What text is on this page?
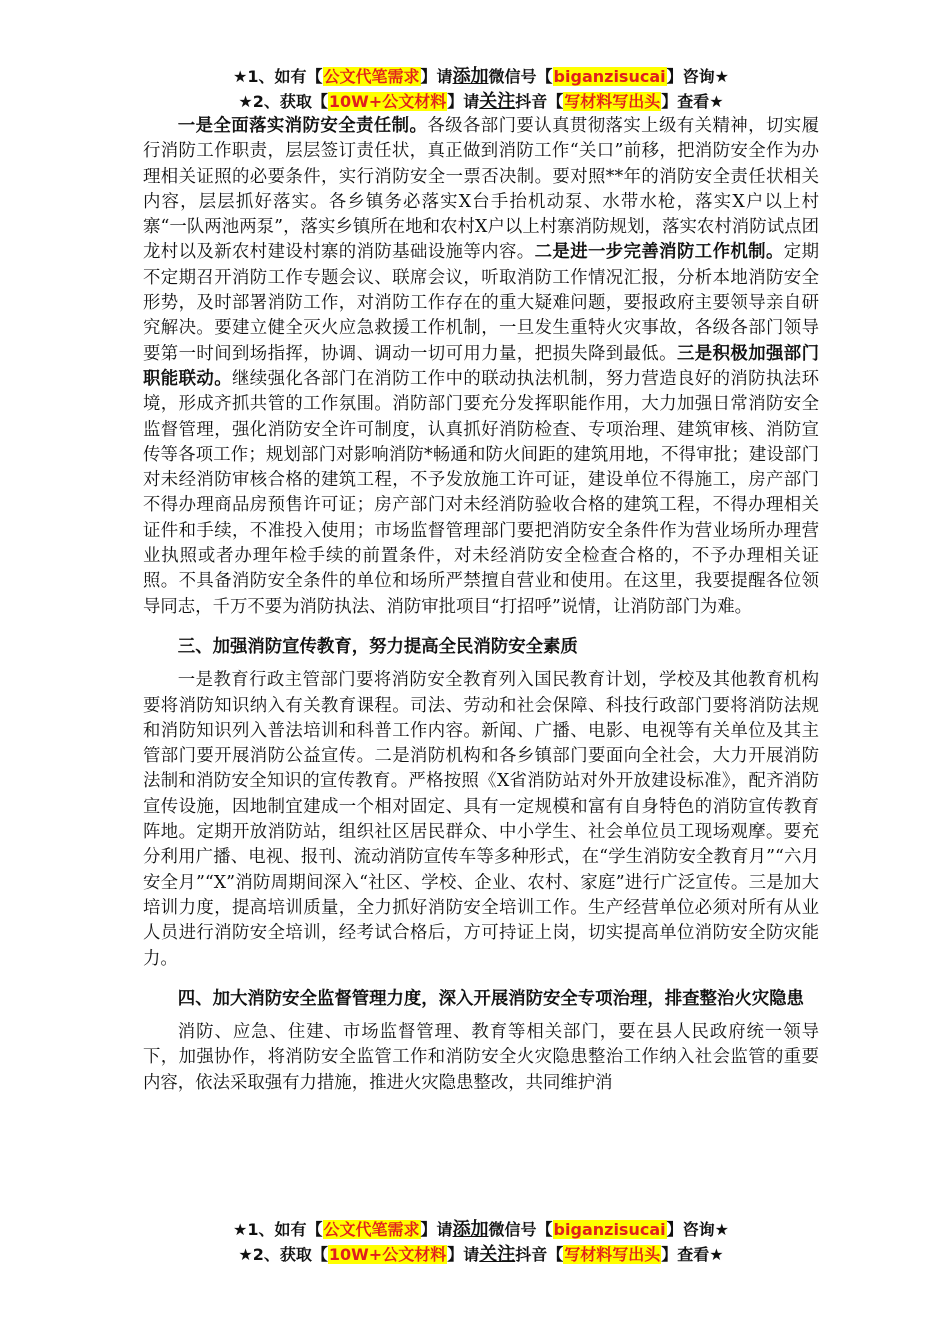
★1、如有【公文代笔需求】请添加微信号【biganzisucai】咨询★
★2、获取【10W+公文材料】请关注抖音【写材料写出头】查看★

一是全面落实消防安全责任制。各级各部门要认真贯彻落实上级有关精神，切实履行消防工作职责，层层签订责任状，真正做到消防工作“关口”前移，把消防安全作为办理相关证照的必要条件，实行消防安全一票否决制。要对照**年的消防安全责任状相关内容，层层抓好落实。各乡镇务必落实X台手抬机动泵、水带水枪，落实X户以上村寨“一队两池两泵”，落实乡镇所在地和农村X户以上村寨消防规划，落实农村消防试点团龙村以及新农村建设村寨的消防基础设施等内容。二是进一步完善消防工作机制。定期不定期召开消防工作专题会议、联席会议，听取消防工作情况汇报，分析本地消防安全形势，及时部署消防工作，对消防工作存在的重大疑难问题，要报政府主要领导亲自研究解决。要建立健全灭火应急救援工作机制，一旦发生重特火灾事故，各级各部门领导要第一时间到场指挥，协调、调动一切可用力量，把损失降到最低。三是积极加强部门职能联动。继续强化各部门在消防工作中的联动执法机制，努力营造良好的消防执法环境，形成齐抓共管的工作氛围。消防部门要充分发挥职能作用，大力加强日常消防安全监督管理，强化消防安全许可制度，认真抓好消防检查、专项治理、建筑审核、消防宣传等各项工作；规划部门对影响消防*畅通和防火间距的建筑用地，不得审批；建设部门对未经消防审核合格的建筑工程，不予发放施工许可证，建设单位不得施工，房产部门不得办理商品房预售许可证；房产部门对未经消防验收合格的建筑工程，不得办理相关证件和手续，不准投入使用；市场监督管理部门要把消防安全条件作为营业场所办理营业执照或者办理年检手续的前置条件，对未经消防安全检查合格的，不予办理相关证照。不具备消防安全条件的单位和场所严禁擅自营业和使用。在这里，我要提醒各位领导同志，千万不要为消防执法、消防审批项目“打招呼”说情，让消防部门为难。

三、加强消防宣传教育，努力提高全民消防安全素质

一是教育行政主管部门要将消防安全教育列入国民教育计划，学校及其他教育机构要将消防知识纳入有关教育课程。司法、劳动和社会保障、科技行政部门要将消防法规和消防知识列入普法培训和科普工作内容。新闻、广播、电影、电视等有关单位及其主管部门要开展消防公益宣传。二是消防机构和各乡镇部门要面向全社会，大力开展消防法制和消防安全知识的宣传教育。严格按照《X省消防站对外开放建设标准》，配齐消防宣传设施，因地制宜建成一个相对固定、具有一定规模和富有自身特色的消防宣传教育阵地。定期开放消防站，组织社区居民群众、中小学生、社会单位员工现场观摩。要充分利用广播、电视、报刊、流动消防宣传车等多种形式，在“学生消防安全教育月”“六月安全月”“X”消防周期间深入“社区、学校、企业、农村、家庭”进行广泛宣传。三是加大培训力度，提高培训质量，全力抓好消防安全培训工作。生产经营单位必须对所有从业人员进行消防安全培训，经考试合格后，方可持证上岗，切实提高单位消防安全防灾能力。

四、加大消防安全监督管理力度，深入开展消防安全专项治理，排查整治火灾隐患

消防、应急、住建、市场监督管理、教育等相关部门，要在县人民政府统一领导下，加强协作，将消防安全监管工作和消防安全火灾隐患整治工作纳入社会监管的重要内容，依法采取强有力措施，推进火灾隐患整改，共同维护消

★1、如有【公文代笔需求】请添加微信号【biganzisucai】咨询★
★2、获取【10W+公文材料】请关注抖音【写材料写出头】查看★
